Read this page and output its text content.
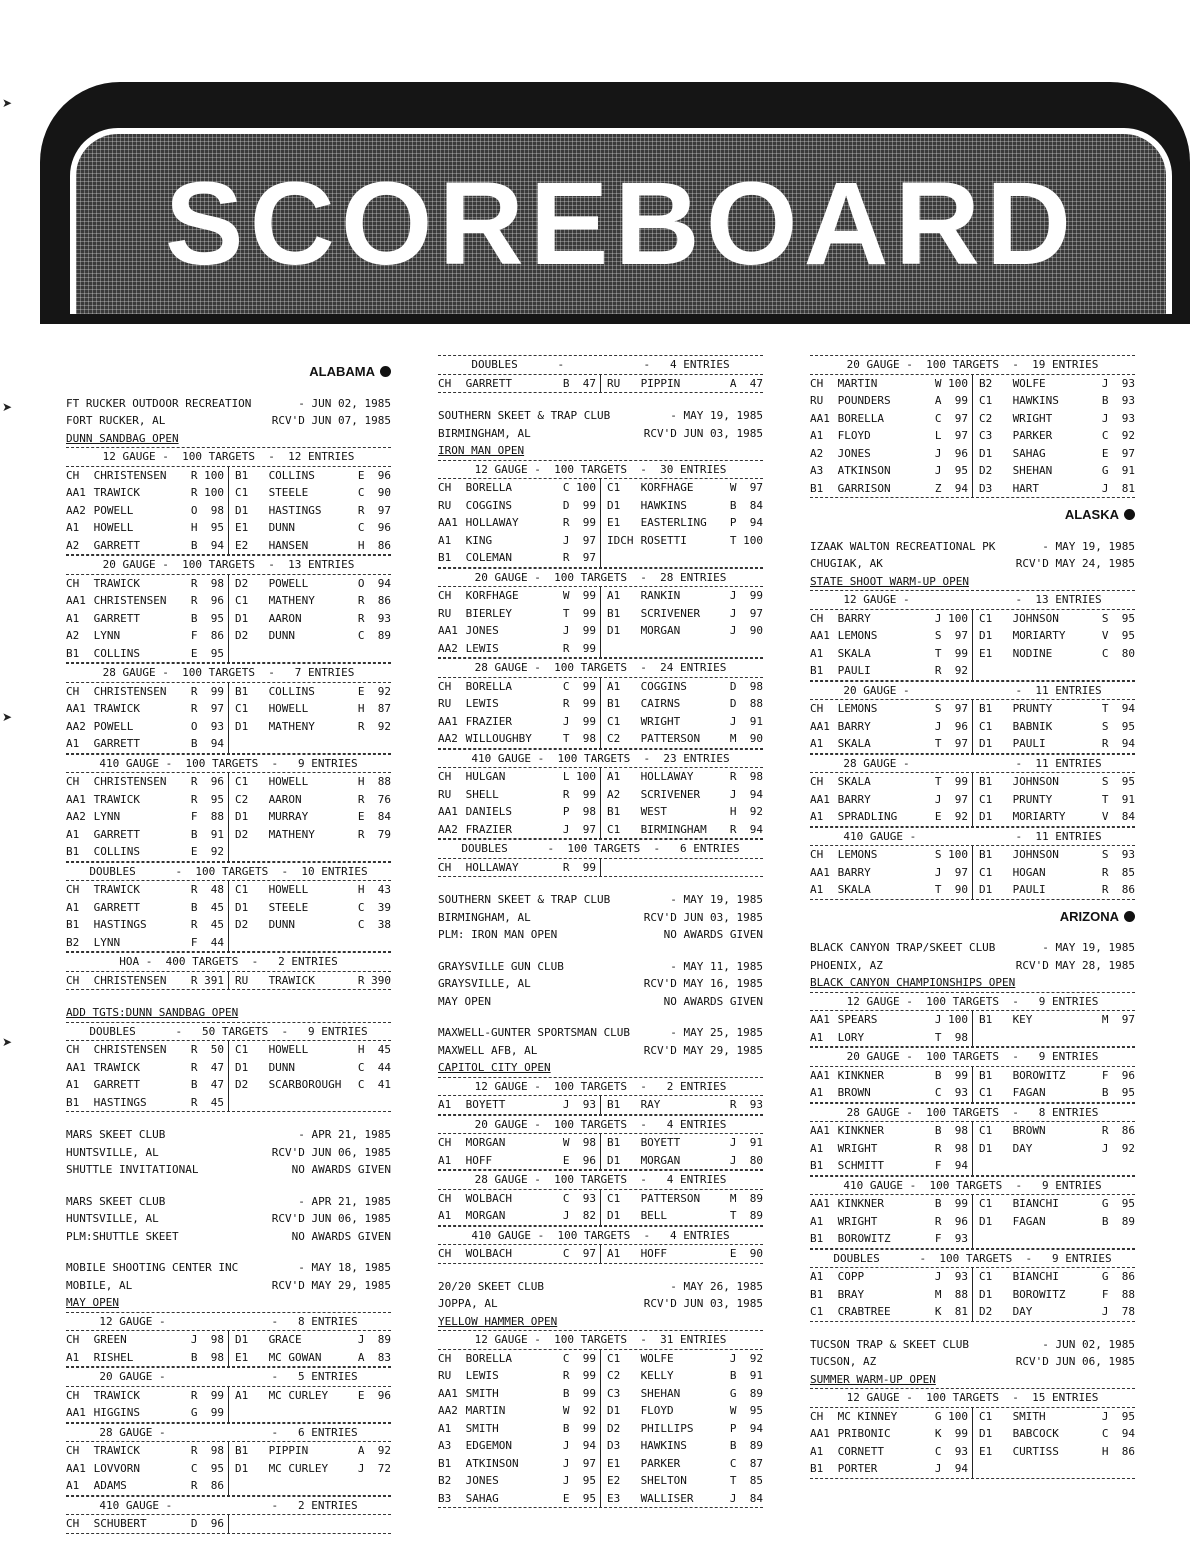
SCOREBOARD
➤
➤
➤
➤
ALABAMA
FT RUCKER OUTDOOR RECREATION	- JUN 02, 1985
FORT RUCKER, AL	RCV'D JUN 07, 1985
DUNN SANDBAG OPEN
12 GAUGE -  100 TARGETS  -  12 ENTRIES
CH	CHRISTENSEN	R 100	B1	COLLINS	E  96
AA1 TRAWICK	R 100	C1	STEELE	C  90
AA2 POWELL	O  98	D1	HASTINGS	R  97
A1	HOWELL	H  95	E1	DUNN	C  96
A2	GARRETT	B  94	E2	HANSEN	H  86
20 GAUGE -  100 TARGETS  -  13 ENTRIES
CH	TRAWICK	R  98	D2	POWELL	O  94
AA1 CHRISTENSEN	R  96	C1	MATHENY	R  86
A1	GARRETT	B  95	D1	AARON	R  93
A2	LYNN	F  86	D2	DUNN	C  89
B1	COLLINS	E  95
28 GAUGE -  100 TARGETS  -   7 ENTRIES
CH	CHRISTENSEN	R  99	B1	COLLINS	E  92
AA1 TRAWICK	R  97	C1	HOWELL	H  87
AA2 POWELL	O  93	D1	MATHENY	R  92
A1	GARRETT	B  94
410 GAUGE -  100 TARGETS  -   9 ENTRIES
CH	CHRISTENSEN	R  96	C1	HOWELL	H  88
AA1 TRAWICK	R  95	C2	AARON	R  76
AA2 LYNN	F  88	D1	MURRAY	E  84
A1	GARRETT	B  91	D2	MATHENY	R  79
B1	COLLINS	E  92
DOUBLES      -  100 TARGETS  -  10 ENTRIES
CH	TRAWICK	R  48	C1	HOWELL	H  43
A1	GARRETT	B  45	D1	STEELE	C  39
B1	HASTINGS	R  45	D2	DUNN	C  38
B2	LYNN	F  44
HOA -  400 TARGETS  -   2 ENTRIES
CH	CHRISTENSEN	R 391	RU	TRAWICK	R 390
ADD TGTS:DUNN SANDBAG OPEN
DOUBLES      -   50 TARGETS  -   9 ENTRIES
CH	CHRISTENSEN	R  50	C1	HOWELL	H  45
AA1 TRAWICK	R  47	D1	DUNN	C  44
A1	GARRETT	B  47	D2	SCARBOROUGH	C  41
B1	HASTINGS	R  45
MARS SKEET CLUB	- APR 21, 1985
HUNTSVILLE, AL	RCV'D JUN 06, 1985
SHUTTLE INVITATIONAL	NO AWARDS GIVEN
MARS SKEET CLUB	- APR 21, 1985
HUNTSVILLE, AL	RCV'D JUN 06, 1985
PLM:SHUTTLE SKEET	NO AWARDS GIVEN
MOBILE SHOOTING CENTER INC	- MAY 18, 1985
MOBILE, AL	RCV'D MAY 29, 1985
MAY OPEN
12 GAUGE -                -   8 ENTRIES
CH	GREEN	J  98	D1	GRACE	J  89
A1	RISHEL	B  98	E1	MC GOWAN	A  83
20 GAUGE -                -   5 ENTRIES
CH	TRAWICK	R  99	A1	MC CURLEY	E  96
AA1 HIGGINS	G  99
28 GAUGE -                -   6 ENTRIES
CH	TRAWICK	R  98	B1	PIPPIN	A  92
AA1 LOVVORN	C  95	D1	MC CURLEY	J  72
A1	ADAMS	R  86
410 GAUGE -               -   2 ENTRIES
CH	SCHUBERT	D  96
DOUBLES      -            -   4 ENTRIES
CH	GARRETT	B  47	RU	PIPPIN	A  47
SOUTHERN SKEET & TRAP CLUB	- MAY 19, 1985
BIRMINGHAM, AL	RCV'D JUN 03, 1985
IRON MAN OPEN
12 GAUGE -  100 TARGETS  -  30 ENTRIES
CH	BORELLA	C 100	C1	KORFHAGE	W  97
RU	COGGINS	D  99	D1	HAWKINS	B  84
AA1 HOLLAWAY	R  99	E1	EASTERLING	P  94
A1	KING	J  97	IDCH ROSETTI	T 100
B1	COLEMAN	R  97
20 GAUGE -  100 TARGETS  -  28 ENTRIES
CH	KORFHAGE	W  99	A1	RANKIN	J  99
RU	BIERLEY	T  99	B1	SCRIVENER	J  97
AA1 JONES	J  99	D1	MORGAN	J  90
AA2 LEWIS	R  99
28 GAUGE -  100 TARGETS  -  24 ENTRIES
CH	BORELLA	C  99	A1	COGGINS	D  98
RU	LEWIS	R  99	B1	CAIRNS	D  88
AA1 FRAZIER	J  99	C1	WRIGHT	J  91
AA2 WILLOUGHBY	T  98	C2	PATTERSON	M  90
410 GAUGE -  100 TARGETS  -  23 ENTRIES
CH	HULGAN	L 100	A1	HOLLAWAY	R  98
RU	SHELL	R  99	A2	SCRIVENER	J  94
AA1 DANIELS	P  98	B1	WEST	H  92
AA2 FRAZIER	J  97	C1	BIRMINGHAM	R  94
DOUBLES      -  100 TARGETS  -   6 ENTRIES
CH	HOLLAWAY	R  99
SOUTHERN SKEET & TRAP CLUB	- MAY 19, 1985
BIRMINGHAM, AL	RCV'D JUN 03, 1985
PLM: IRON MAN OPEN	NO AWARDS GIVEN
GRAYSVILLE GUN CLUB	- MAY 11, 1985
GRAYSVILLE, AL	RCV'D MAY 16, 1985
MAY OPEN	NO AWARDS GIVEN
MAXWELL-GUNTER SPORTSMAN CLUB	- MAY 25, 1985
MAXWELL AFB, AL	RCV'D MAY 29, 1985
CAPITOL CITY OPEN
12 GAUGE -  100 TARGETS  -   2 ENTRIES
A1	BOYETT	J  93	B1	RAY	R  93
20 GAUGE -  100 TARGETS  -   4 ENTRIES
CH	MORGAN	W  98	B1	BOYETT	J  91
A1	HOFF	E  96	D1	MORGAN	J  80
28 GAUGE -  100 TARGETS  -   4 ENTRIES
CH	WOLBACH	C  93	C1	PATTERSON	M  89
A1	MORGAN	J  82	D1	BELL	T  89
410 GAUGE -  100 TARGETS  -   4 ENTRIES
CH	WOLBACH	C  97	A1	HOFF	E  90
20/20 SKEET CLUB	- MAY 26, 1985
JOPPA, AL	RCV'D JUN 03, 1985
YELLOW HAMMER OPEN
12 GAUGE -  100 TARGETS  -  31 ENTRIES
CH	BORELLA	C  99	C1	WOLFE	J  92
RU	LEWIS	R  99	C2	KELLY	B  91
AA1 SMITH	B  99	C3	SHEHAN	G  89
AA2 MARTIN	W  92	D1	FLOYD	W  95
A1	SMITH	B  99	D2	PHILLIPS	P  94
A3	EDGEMON	J  94	D3	HAWKINS	B  89
B1	ATKINSON	J  97	E1	PARKER	C  87
B2	JONES	J  95	E2	SHELTON	T  85
B3	SAHAG	E  95	E3	WALLISER	J  84
20 GAUGE -  100 TARGETS  -  19 ENTRIES
CH	MARTIN	W 100	B2	WOLFE	J  93
RU	POUNDERS	A  99	C1	HAWKINS	B  93
AA1 BORELLA	C  97	C2	WRIGHT	J  93
A1	FLOYD	L  97	C3	PARKER	C  92
A2	JONES	J  96	D1	SAHAG	E  97
A3	ATKINSON	J  95	D2	SHEHAN	G  91
B1	GARRISON	Z  94	D3	HART	J  81
ALASKA
IZAAK WALTON RECREATIONAL PK	- MAY 19, 1985
CHUGIAK, AK	RCV'D MAY 24, 1985
STATE SHOOT WARM-UP OPEN
12 GAUGE -                -  13 ENTRIES
CH	BARRY	J 100	C1	JOHNSON	S  95
AA1 LEMONS	S  97	D1	MORIARTY	V  95
A1	SKALA	T  99	E1	NODINE	C  80
B1	PAULI	R  92
20 GAUGE -                -  11 ENTRIES
CH	LEMONS	S  97	B1	PRUNTY	T  94
AA1 BARRY	J  96	C1	BABNIK	S  95
A1	SKALA	T  97	D1	PAULI	R  94
28 GAUGE -                -  11 ENTRIES
CH	SKALA	T  99	B1	JOHNSON	S  95
AA1 BARRY	J  97	C1	PRUNTY	T  91
A1	SPRADLING	E  92	D1	MORIARTY	V  84
410 GAUGE -               -  11 ENTRIES
CH	LEMONS	S 100	B1	JOHNSON	S  93
AA1 BARRY	J  97	C1	HOGAN	R  85
A1	SKALA	T  90	D1	PAULI	R  86
ARIZONA
BLACK CANYON TRAP/SKEET CLUB	- MAY 19, 1985
PHOENIX, AZ	RCV'D MAY 28, 1985
BLACK CANYON CHAMPIONSHIPS OPEN
12 GAUGE -  100 TARGETS  -   9 ENTRIES
AA1 SPEARS	J 100	B1	KEY	M  97
A1	LORY	T  98
20 GAUGE -  100 TARGETS  -   9 ENTRIES
AA1 KINKNER	B  99	B1	BOROWITZ	F  96
A1	BROWN	C  93	C1	FAGAN	B  95
28 GAUGE -  100 TARGETS  -   8 ENTRIES
AA1 KINKNER	B  98	C1	BROWN	R  86
A1	WRIGHT	R  98	D1	DAY	J  92
B1	SCHMITT	F  94
410 GAUGE -  100 TARGETS  -   9 ENTRIES
AA1 KINKNER	B  99	C1	BIANCHI	G  95
A1	WRIGHT	R  96	D1	FAGAN	B  89
B1	BOROWITZ	F  93
DOUBLES      -  100 TARGETS  -   9 ENTRIES
A1	COPP	J  93	C1	BIANCHI	G  86
B1	BRAY	M  88	D1	BOROWITZ	F  88
C1	CRABTREE	K  81	D2	DAY	J  78
TUCSON TRAP & SKEET CLUB	- JUN 02, 1985
TUCSON, AZ	RCV'D JUN 06, 1985
SUMMER WARM-UP OPEN
12 GAUGE -  100 TARGETS  -  15 ENTRIES
CH	MC KINNEY	G 100	C1	SMITH	J  95
AA1 PRIBONIC	K  99	D1	BABCOCK	C  94
A1	CORNETT	C  93	E1	CURTISS	H  86
B1	PORTER	J  94
